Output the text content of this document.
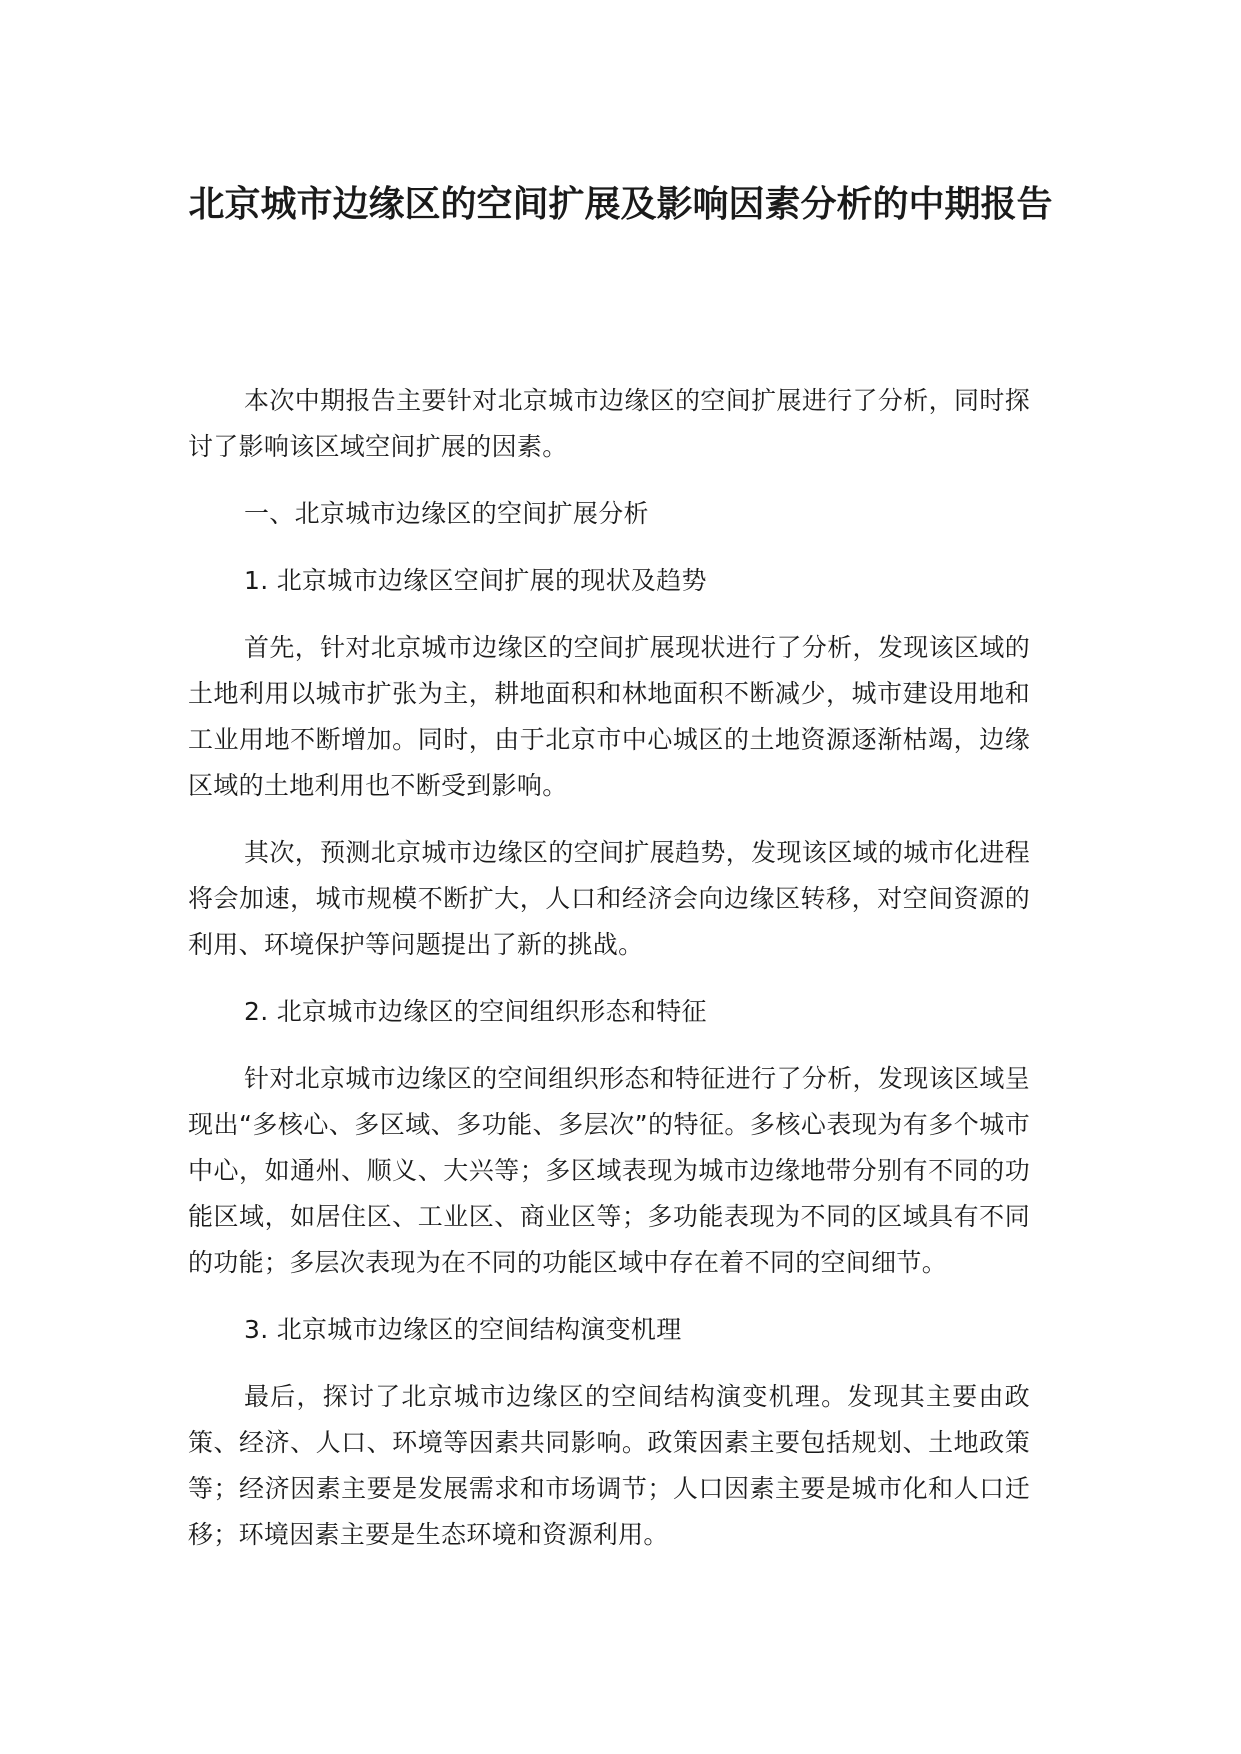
北京城市边缘区的空间扩展及影响因素分析的中期报告

本次中期报告主要针对北京城市边缘区的空间扩展进行了分析，同时探讨了影响该区域空间扩展的因素。

一、北京城市边缘区的空间扩展分析

1. 北京城市边缘区空间扩展的现状及趋势

首先，针对北京城市边缘区的空间扩展现状进行了分析，发现该区域的土地利用以城市扩张为主，耕地面积和林地面积不断减少，城市建设用地和工业用地不断增加。同时，由于北京市中心城区的土地资源逐渐枯竭，边缘区域的土地利用也不断受到影响。

其次，预测北京城市边缘区的空间扩展趋势，发现该区域的城市化进程将会加速，城市规模不断扩大，人口和经济会向边缘区转移，对空间资源的利用、环境保护等问题提出了新的挑战。

2. 北京城市边缘区的空间组织形态和特征

针对北京城市边缘区的空间组织形态和特征进行了分析，发现该区域呈现出“多核心、多区域、多功能、多层次”的特征。多核心表现为有多个城市中心，如通州、顺义、大兴等；多区域表现为城市边缘地带分别有不同的功能区域，如居住区、工业区、商业区等；多功能表现为不同的区域具有不同的功能；多层次表现为在不同的功能区域中存在着不同的空间细节。

3. 北京城市边缘区的空间结构演变机理

最后，探讨了北京城市边缘区的空间结构演变机理。发现其主要由政策、经济、人口、环境等因素共同影响。政策因素主要包括规划、土地政策等；经济因素主要是发展需求和市场调节；人口因素主要是城市化和人口迁移；环境因素主要是生态环境和资源利用。
